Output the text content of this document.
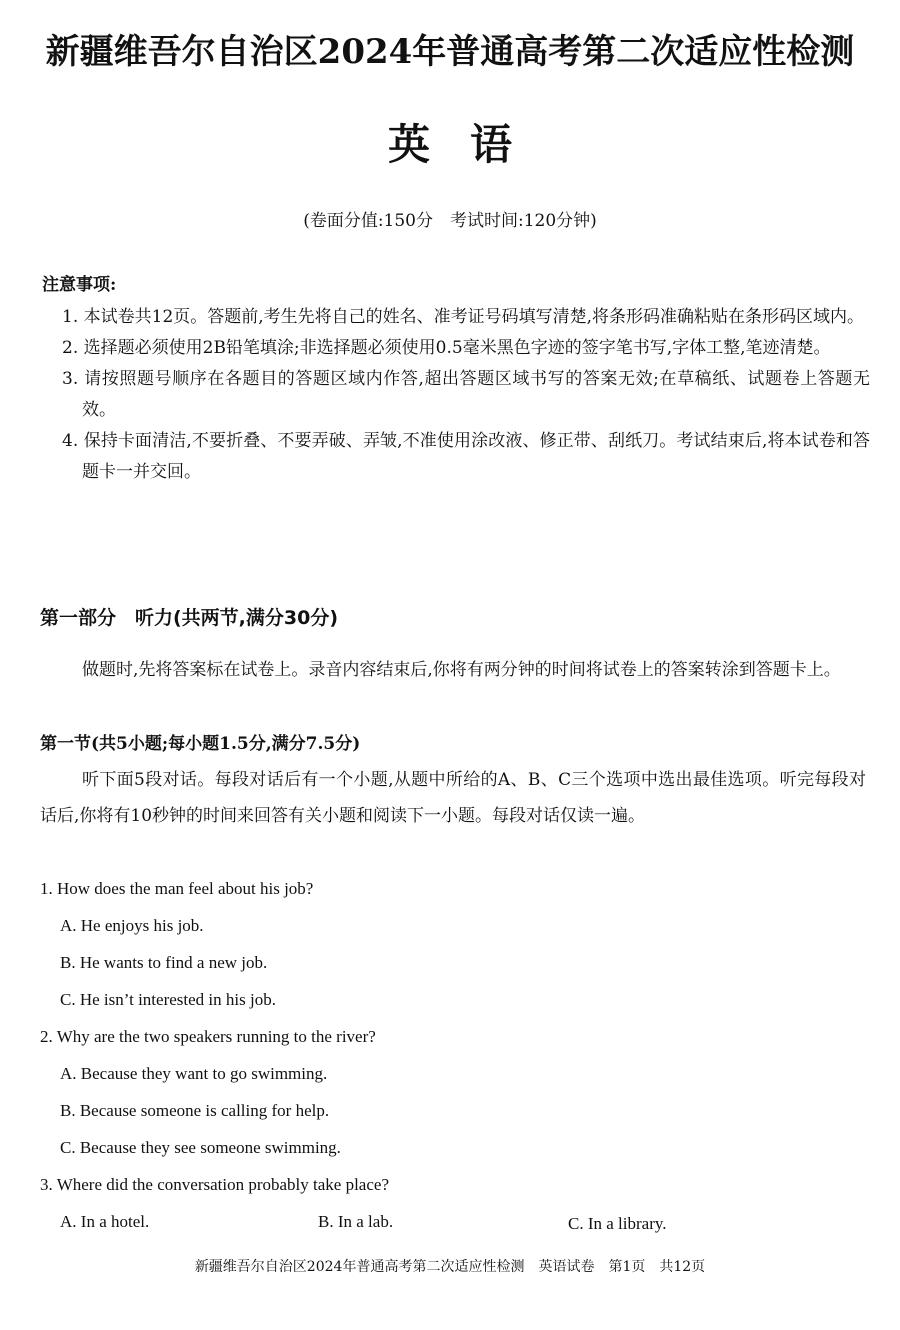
新疆维吾尔自治区2024年普通高考第二次适应性检测
英语
(卷面分值:150分　考试时间:120分钟)
注意事项:
1. 本试卷共12页。答题前,考生先将自己的姓名、准考证号码填写清楚,将条形码准确粘贴在条形码区域内。
2. 选择题必须使用2B铅笔填涂;非选择题必须使用0.5毫米黑色字迹的签字笔书写,字体工整,笔迹清楚。
3. 请按照题号顺序在各题目的答题区域内作答,超出答题区域书写的答案无效;在草稿纸、试题卷上答题无效。
4. 保持卡面清洁,不要折叠、不要弄破、弄皱,不准使用涂改液、修正带、刮纸刀。考试结束后,将本试卷和答题卡一并交回。
第一部分　听力(共两节,满分30分)
做题时,先将答案标在试卷上。录音内容结束后,你将有两分钟的时间将试卷上的答案转涂到答题卡上。
第一节(共5小题;每小题1.5分,满分7.5分)
听下面5段对话。每段对话后有一个小题,从题中所给的A、B、C三个选项中选出最佳选项。听完每段对话后,你将有10秒钟的时间来回答有关小题和阅读下一小题。每段对话仅读一遍。
1. How does the man feel about his job?
A. He enjoys his job.
B. He wants to find a new job.
C. He isn’t interested in his job.
2. Why are the two speakers running to the river?
A. Because they want to go swimming.
B. Because someone is calling for help.
C. Because they see someone swimming.
3. Where did the conversation probably take place?
A. In a hotel.	B. In a lab.	C. In a library.
新疆维吾尔自治区2024年普通高考第二次适应性检测　英语试卷　第1页　共12页
